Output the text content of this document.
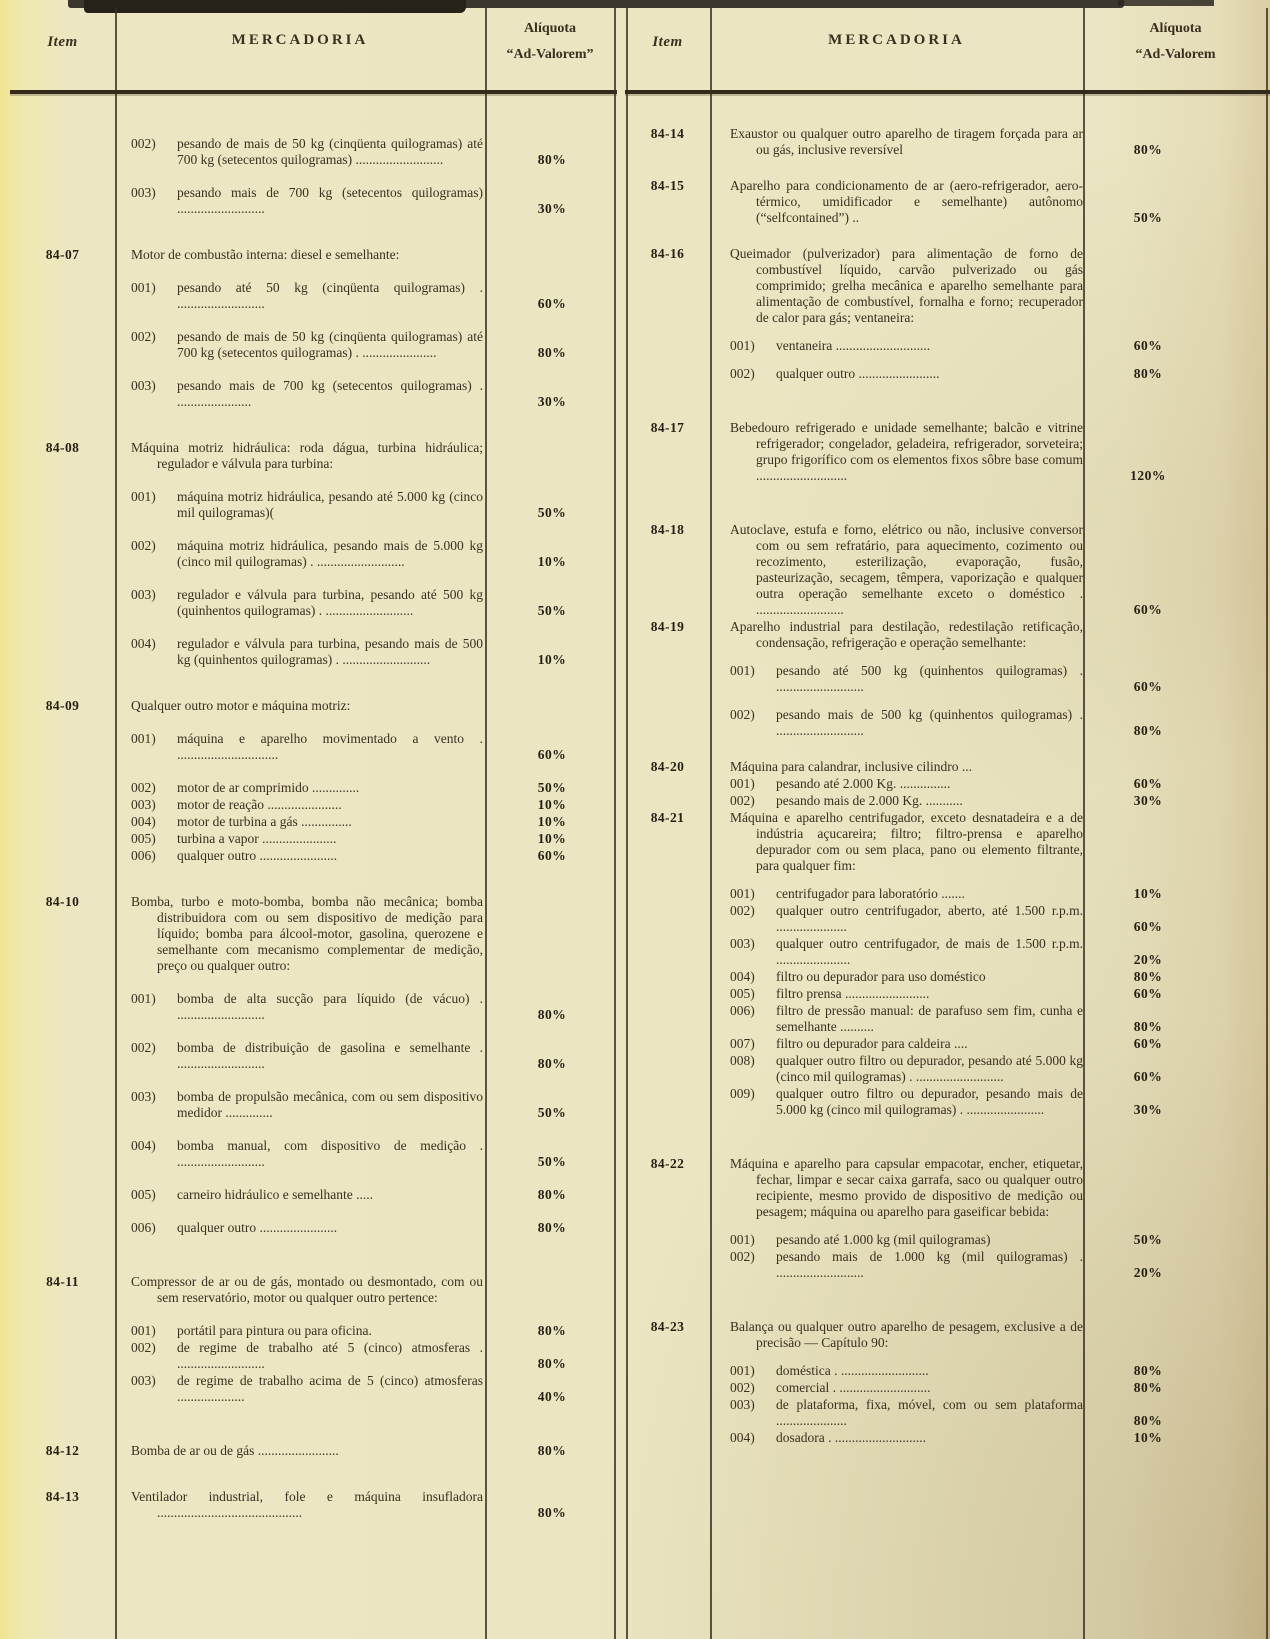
Item	MERCADORIA
Alíquota
“Ad-Valorem”
002)	pesando de mais de 50 kg (cinqüenta quilogramas) até 700 kg (setecentos quilogramas) ..........................	80%
003)	pesando mais de 700 kg (setecentos quilogramas) ..........................	30%
84-07	Motor de combustão interna: diesel e semelhante:
001)	pesando até 50 kg (cinqüenta quilogramas) . ..........................	60%
002)	pesando de mais de 50 kg (cinqüenta quilogramas) até 700 kg (setecentos quilogramas) . ......................	80%
003)	pesando mais de 700 kg (setecentos quilogramas) . ......................	30%
84-08	Máquina motriz hidráulica: roda dágua, turbina hidráulica; regulador e válvula para turbina:
001)	máquina motriz hidráulica, pesando até 5.000 kg (cinco mil quilogramas)(	50%
002)	máquina motriz hidráulica, pesando mais de 5.000 kg (cinco mil quilogramas) . ..........................	10%
003)	regulador e válvula para turbina, pesando até 500 kg (quinhentos quilogramas) . ..........................	50%
004)	regulador e válvula para turbina, pesando mais de 500 kg (quinhentos quilogramas) . ..........................	10%
84-09	Qualquer outro motor e máquina motriz:
001)	máquina e aparelho movimentado a vento . ..............................	60%
002)	motor de ar comprimido ..............	50%
003)	motor de reação ......................	10%
004)	motor de turbina a gás ...............	10%
005)	turbina a vapor ......................	10%
006)	qualquer outro .......................	60%
84-10	Bomba, turbo e moto-bomba, bomba não mecânica; bomba distribuidora com ou sem dispositivo de medição para líquido; bomba para álcool-motor, gasolina, querozene e semelhante com mecanismo complementar de medição, preço ou qualquer outro:
001)	bomba de alta sucção para líquido (de vácuo) . ..........................	80%
002)	bomba de distribuição de gasolina e semelhante . ..........................	80%
003)	bomba de propulsão mecânica, com ou sem dispositivo medidor ..............	50%
004)	bomba manual, com dispositivo de medição . ..........................	50%
005)	carneiro hidráulico e semelhante .....	80%
006)	qualquer outro .......................	80%
84-11	Compressor de ar ou de gás, montado ou desmontado, com ou sem reservatório, motor ou qualquer outro pertence:
001)	portátil para pintura ou para oficina.	80%
002)	de regime de trabalho até 5 (cinco) atmosferas . ..........................	80%
003)	de regime de trabalho acima de 5 (cinco) atmosferas ....................	40%
84-12	Bomba de ar ou de gás ........................	80%
84-13	Ventilador industrial, fole e máquina insufladora ...........................................	80%
Item	MERCADORIA
Alíquota
“Ad-Valorem
84-14	Exaustor ou qualquer outro aparelho de tiragem forçada para ar ou gás, inclusive reversível	80%
84-15	Aparelho para condicionamento de ar (aero-refrigerador, aero-térmico, umidificador e semelhante) autônomo (“selfcontained”) ..	50%
84-16	Queimador (pulverizador) para alimentação de forno de combustível líquido, carvão pulverizado ou gás comprimido; grelha mecânica e aparelho semelhante para alimentação de combustível, fornalha e forno; recuperador de calor para gás; ventaneira:
001)	ventaneira ............................	60%
002)	qualquer outro ........................	80%
84-17	Bebedouro refrigerado e unidade semelhante; balcão e vitrine refrigerador; congelador, geladeira, refrigerador, sorveteira; grupo frigorífico com os elementos fixos sôbre base comum ...........................	120%
84-18	Autoclave, estufa e forno, elétrico ou não, inclusive conversor com ou sem refratário, para aquecimento, cozimento ou recozimento, esterilização, evaporação, fusão, pasteurização, secagem, têmpera, vaporização e qualquer outra operação semelhante exceto o doméstico . ..........................	60%
84-19	Aparelho industrial para destilação, redestilação retificação, condensação, refrigeração e operação semelhante:
001)	pesando até 500 kg (quinhentos quilogramas) . ..........................	60%
002)	pesando mais de 500 kg (quinhentos quilogramas) . ..........................	80%
84-20	Máquina para calandrar, inclusive cilindro ...
001)	pesando até 2.000 Kg. ...............	60%
002)	pesando mais de 2.000 Kg. ...........	30%
84-21	Máquina e aparelho centrifugador, exceto desnatadeira e a de indústria açucareira; filtro; filtro-prensa e aparelho depurador com ou sem placa, pano ou elemento filtrante, para qualquer fim:
001)	centrifugador para laboratório .......	10%
002)	qualquer outro centrifugador, aberto, até 1.500 r.p.m. .....................	60%
003)	qualquer outro centrifugador, de mais de 1.500 r.p.m. ......................	20%
004)	filtro ou depurador para uso doméstico	80%
005)	filtro prensa .........................	60%
006)	filtro de pressão manual: de parafuso sem fim, cunha e semelhante ..........	80%
007)	filtro ou depurador para caldeira ....	60%
008)	qualquer outro filtro ou depurador, pesando até 5.000 kg (cinco mil quilogramas) . ..........................	60%
009)	qualquer outro filtro ou depurador, pesando mais de 5.000 kg (cinco mil quilogramas) . .......................	30%
84-22	Máquina e aparelho para capsular empacotar, encher, etiquetar, fechar, limpar e secar caixa garrafa, saco ou qualquer outro recipiente, mesmo provido de dispositivo de medição ou pesagem; máquina ou aparelho para gaseificar bebida:
001)	pesando até 1.000 kg (mil quilogramas)	50%
002)	pesando mais de 1.000 kg (mil quilogramas) . ..........................	20%
84-23	Balança ou qualquer outro aparelho de pesagem, exclusive a de precisão — Capítulo 90:
001)	doméstica . ..........................	80%
002)	comercial . ...........................	80%
003)	de plataforma, fixa, móvel, com ou sem plataforma .....................	80%
004)	dosadora . ...........................	10%
